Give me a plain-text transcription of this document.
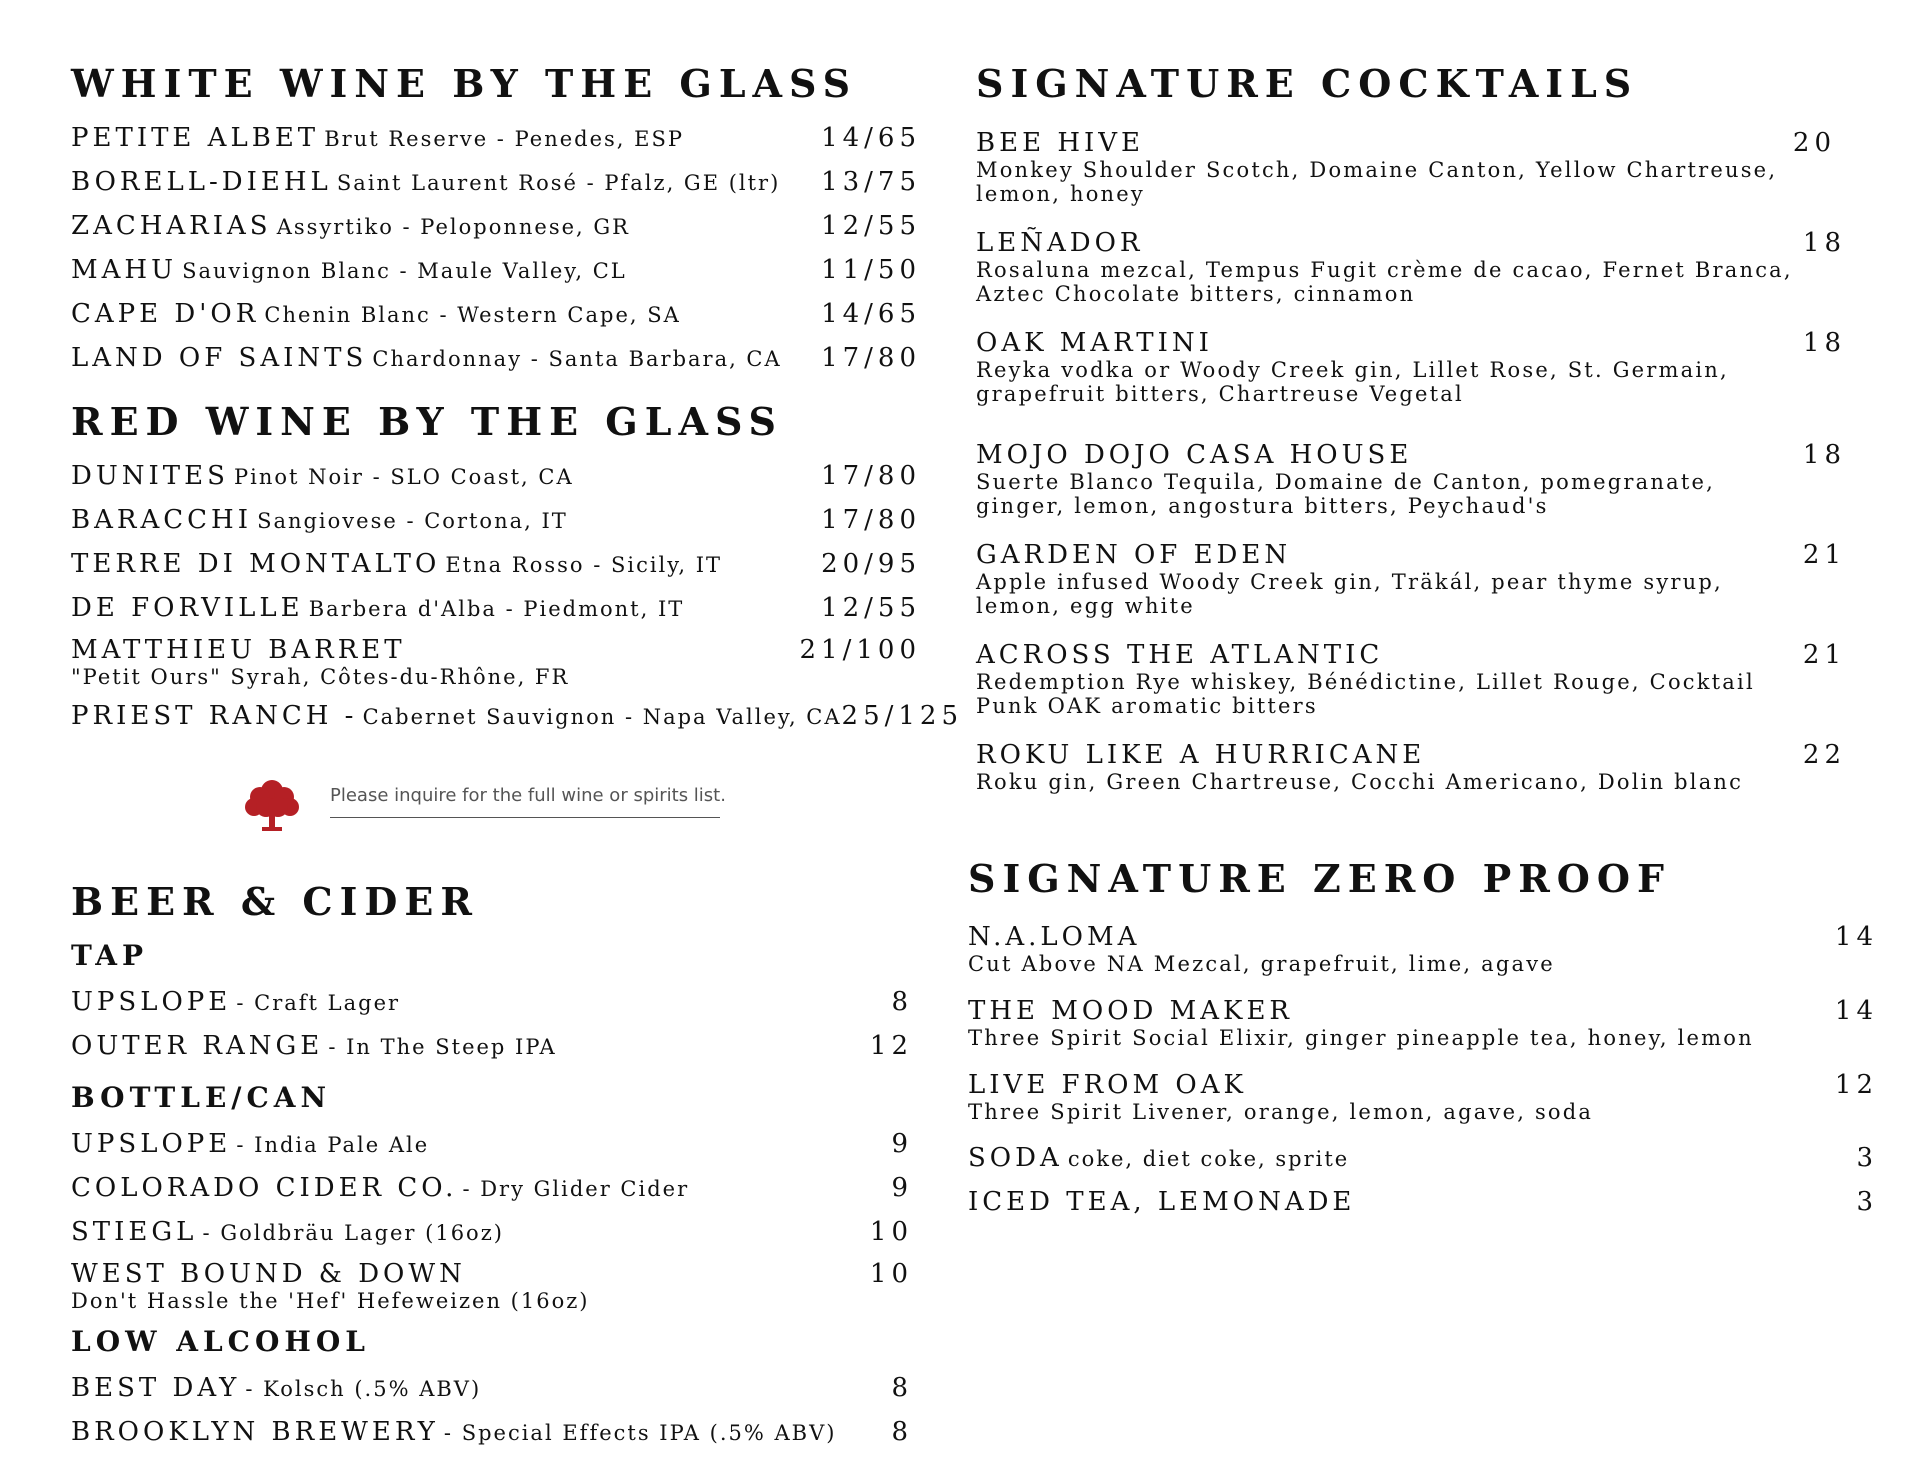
WHITE WINE BY THE GLASS
PETITE ALBET Brut Reserve - Penedes, ESP	14/65
BORELL-DIEHL Saint Laurent Rosé - Pfalz, GE (ltr) 13/75
ZACHARIAS Assyrtiko - Peloponnese, GR	12/55
MAHU Sauvignon Blanc - Maule Valley, CL	11/50
CAPE D'OR Chenin Blanc - Western Cape, SA	14/65
LAND OF SAINTS Chardonnay - Santa Barbara, CA 17/80
RED WINE BY THE GLASS
DUNITES Pinot Noir - SLO Coast, CA	17/80
BARACCHI Sangiovese - Cortona, IT	17/80
TERRE DI MONTALTO Etna Rosso - Sicily, IT	20/95
DE FORVILLE Barbera d'Alba - Piedmont, IT	12/55
MATTHIEU BARRET	21/100
"Petit Ours" Syrah, Côtes-du-Rhône, FR
PRIEST RANCH - Cabernet Sauvignon - Napa Valley, CA 25/125
BEER & CIDER
TAP
UPSLOPE - Craft Lager	8
OUTER RANGE - In The Steep IPA	12
BOTTLE/CAN
UPSLOPE - India Pale Ale	9
COLORADO CIDER CO. - Dry Glider Cider	9
STIEGL - Goldbräu Lager (16oz)	10
WEST BOUND & DOWN	10
Don't Hassle the 'Hef' Hefeweizen (16oz)
LOW ALCOHOL
BEST DAY - Kolsch (.5% ABV)	8
BROOKLYN BREWERY - Special Effects IPA (.5% ABV) 8
Please inquire for the full wine or spirits list.
SIGNATURE COCKTAILS
BEE HIVE	20
Monkey Shoulder Scotch, Domaine Canton, Yellow Chartreuse,
lemon, honey
LEÑADOR	18
Rosaluna mezcal, Tempus Fugit crème de cacao, Fernet Branca,
Aztec Chocolate bitters, cinnamon
OAK MARTINI	18
Reyka vodka or Woody Creek gin, Lillet Rose, St. Germain,
grapefruit bitters, Chartreuse Vegetal
MOJO DOJO CASA HOUSE	18
Suerte Blanco Tequila, Domaine de Canton, pomegranate,
ginger, lemon, angostura bitters, Peychaud's
GARDEN OF EDEN	21
Apple infused Woody Creek gin, Träkál, pear thyme syrup,
lemon, egg white
ACROSS THE ATLANTIC	21
Redemption Rye whiskey, Bénédictine, Lillet Rouge, Cocktail
Punk OAK aromatic bitters
ROKU LIKE A HURRICANE	22
Roku gin, Green Chartreuse, Cocchi Americano, Dolin blanc
SIGNATURE ZERO PROOF
N.A.LOMA	14
Cut Above NA Mezcal, grapefruit, lime, agave
THE MOOD MAKER	14
Three Spirit Social Elixir, ginger pineapple tea, honey, lemon
LIVE FROM OAK	12
Three Spirit Livener, orange, lemon, agave, soda
SODA coke, diet coke, sprite	3
ICED TEA, LEMONADE	3
